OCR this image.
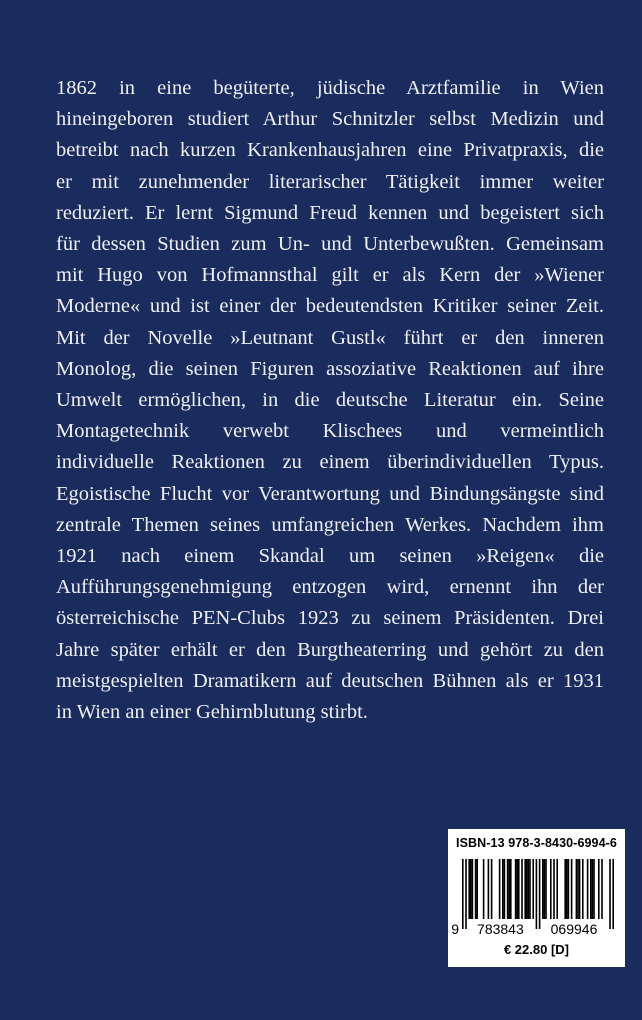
1862 in eine begüterte, jüdische Arztfamilie in Wien
hineingeboren studiert Arthur Schnitzler selbst Medizin und
betreibt nach kurzen Krankenhausjahren eine Privatpraxis, die
er mit zunehmender literarischer Tätigkeit immer weiter
reduziert. Er lernt Sigmund Freud kennen und begeistert sich
für dessen Studien zum Un- und Unterbewußten. Gemeinsam
mit Hugo von Hofmannsthal gilt er als Kern der »Wiener
Moderne« und ist einer der bedeutendsten Kritiker seiner Zeit.
Mit der Novelle »Leutnant Gustl« führt er den inneren
Monolog, die seinen Figuren assoziative Reaktionen auf ihre
Umwelt ermöglichen, in die deutsche Literatur ein. Seine
Montagetechnik verwebt Klischees und vermeintlich
individuelle Reaktionen zu einem überindividuellen Typus.
Egoistische Flucht vor Verantwortung und Bindungsängste sind
zentrale Themen seines umfangreichen Werkes. Nachdem ihm
1921 nach einem Skandal um seinen »Reigen« die
Aufführungsgenehmigung entzogen wird, ernennt ihn der
österreichische PEN-Clubs 1923 zu seinem Präsidenten. Drei
Jahre später erhält er den Burgtheaterring und gehört zu den
meistgespielten Dramatikern auf deutschen Bühnen als er 1931
in Wien an einer Gehirnblutung stirbt.
ISBN-13 978-3-8430-6994-6
9 783843 069946
€ 22.80 [D]
